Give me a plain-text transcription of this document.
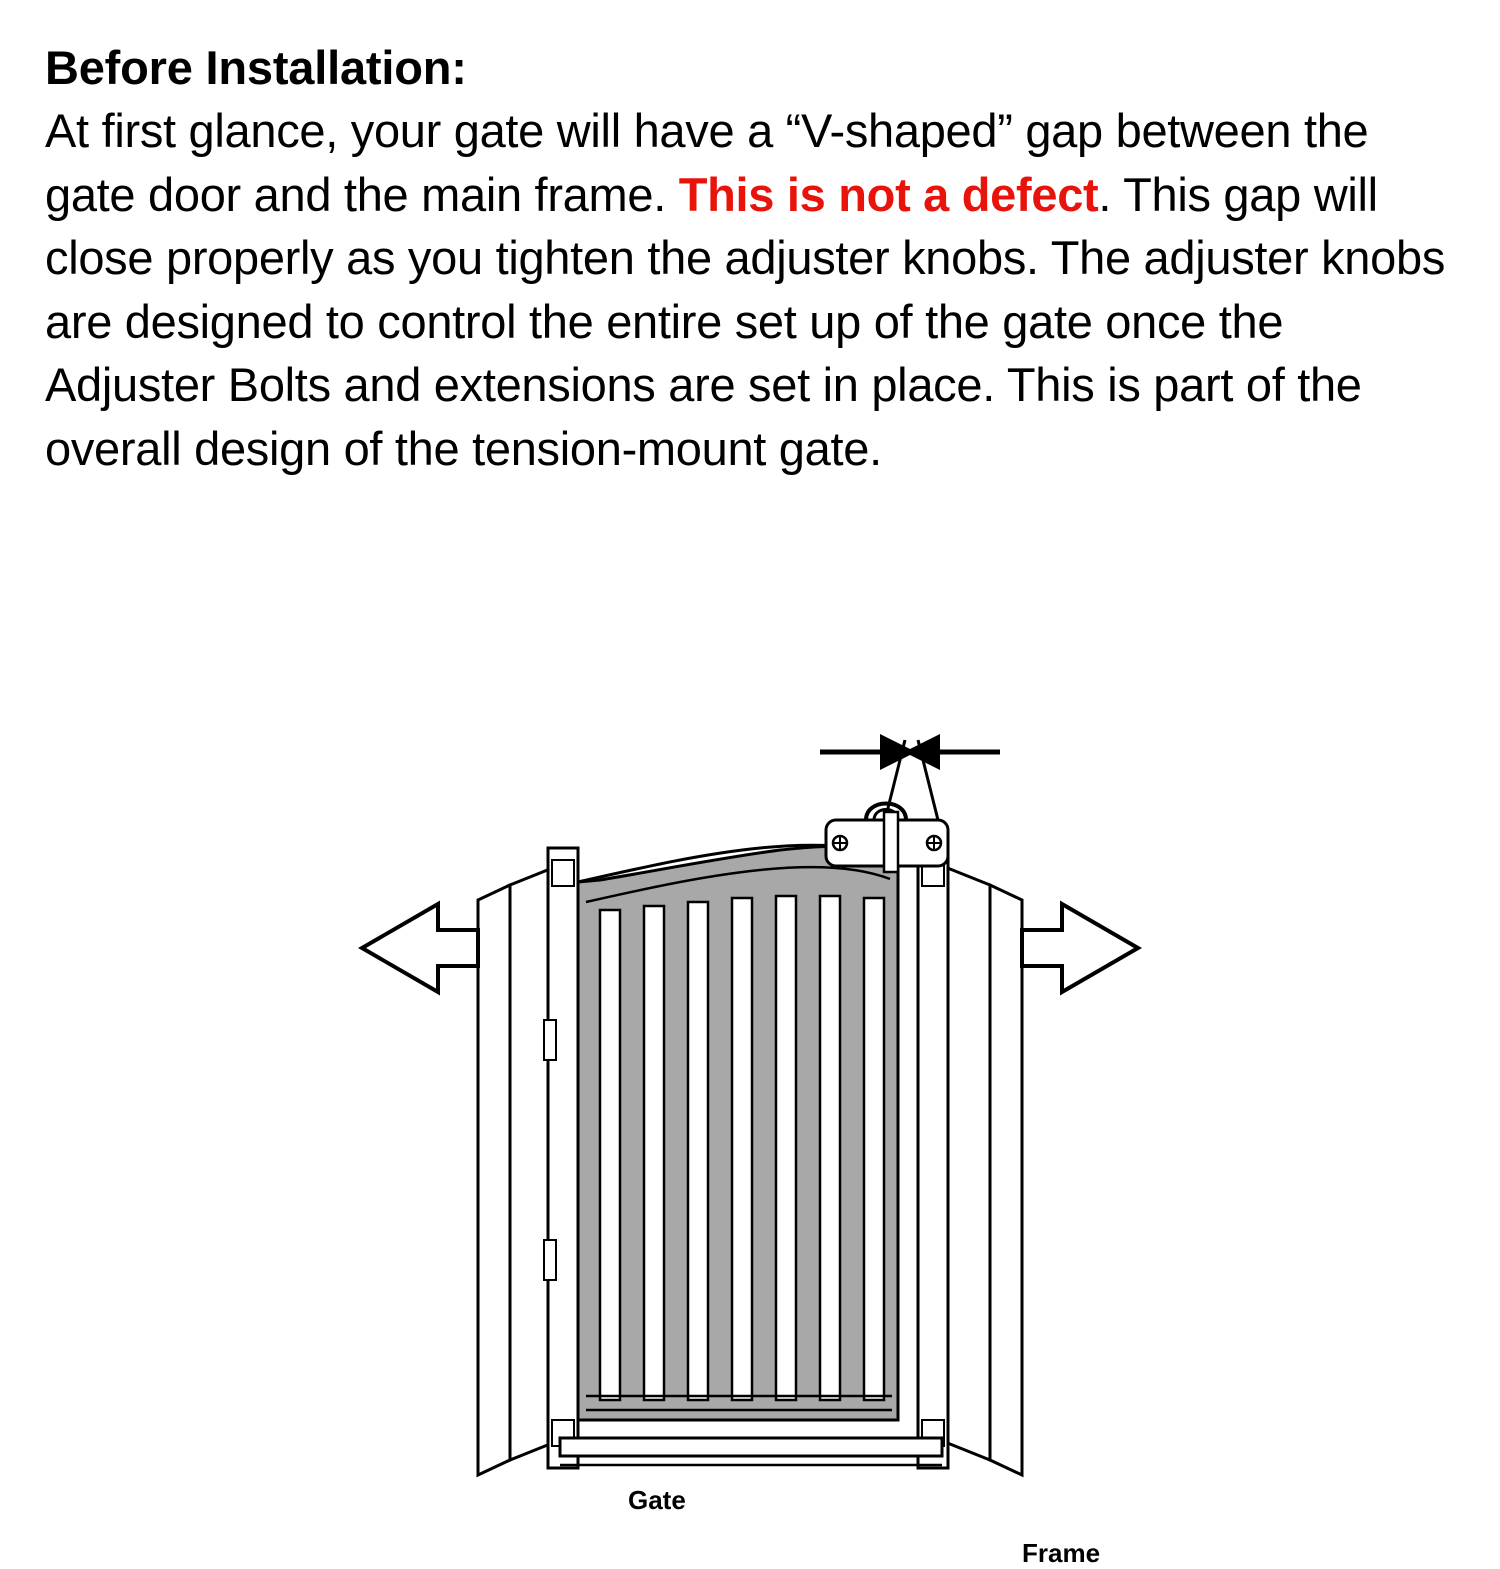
Before Installation:

At first glance, your gate will have a “V-shaped” gap between the gate door and the main frame. This is not a defect. This gap will close properly as you tighten the adjuster knobs. The adjuster knobs are designed to control the entire set up of the gate once the Adjuster Bolts and extensions are set in place. This is part of the overall design of the tension-mount gate.

Gate
Frame
